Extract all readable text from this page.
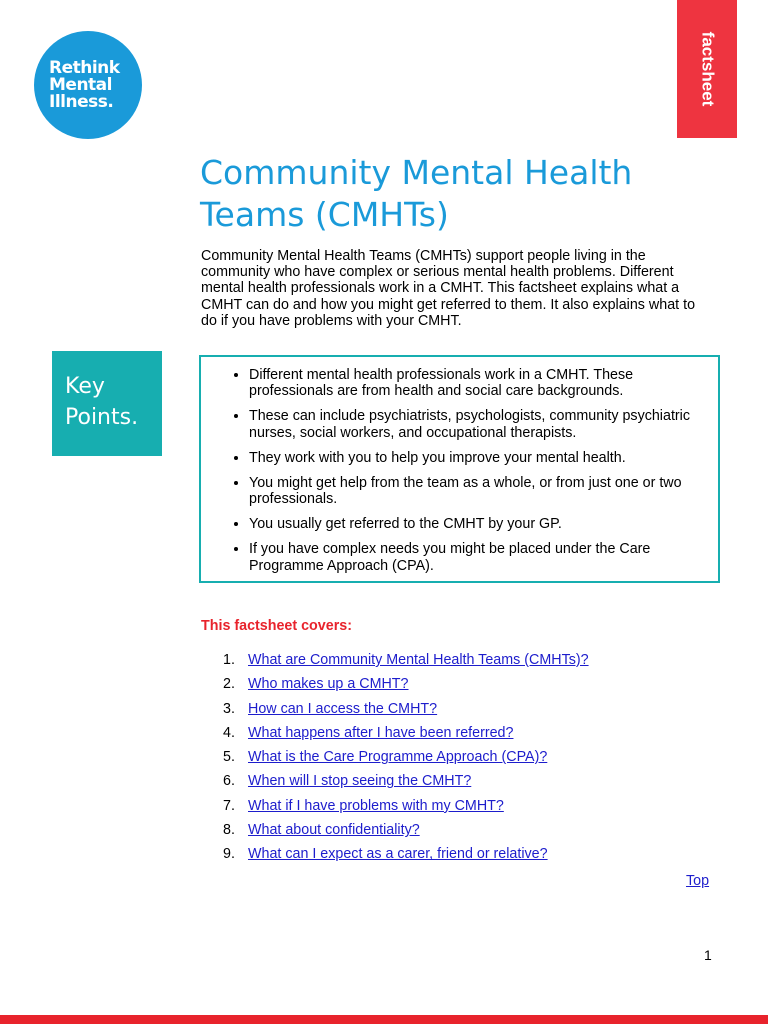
Rethink
Mental
Illness.	factsheet
Community Mental Health Teams (CMHTs)

Community Mental Health Teams (CMHTs) support people living in the community who have complex or serious mental health problems. Different mental health professionals work in a CMHT. This factsheet explains what a CMHT can do and how you might get referred to them. It also explains what to do if you have problems with your CMHT.

Key
Points.
• Different mental health professionals work in a CMHT. These professionals are from health and social care backgrounds.
• These can include psychiatrists, psychologists, community psychiatric nurses, social workers, and occupational therapists.
• They work with you to help you improve your mental health.
• You might get help from the team as a whole, or from just one or two professionals.
• You usually get referred to the CMHT by your GP.
• If you have complex needs you might be placed under the Care Programme Approach (CPA).

This factsheet covers:

1. What are Community Mental Health Teams (CMHTs)?
2. Who makes up a CMHT?
3. How can I access the CMHT?
4. What happens after I have been referred?
5. What is the Care Programme Approach (CPA)?
6. When will I stop seeing the CMHT?
7. What if I have problems with my CMHT?
8. What about confidentiality?
9. What can I expect as a carer, friend or relative?
Top
1
